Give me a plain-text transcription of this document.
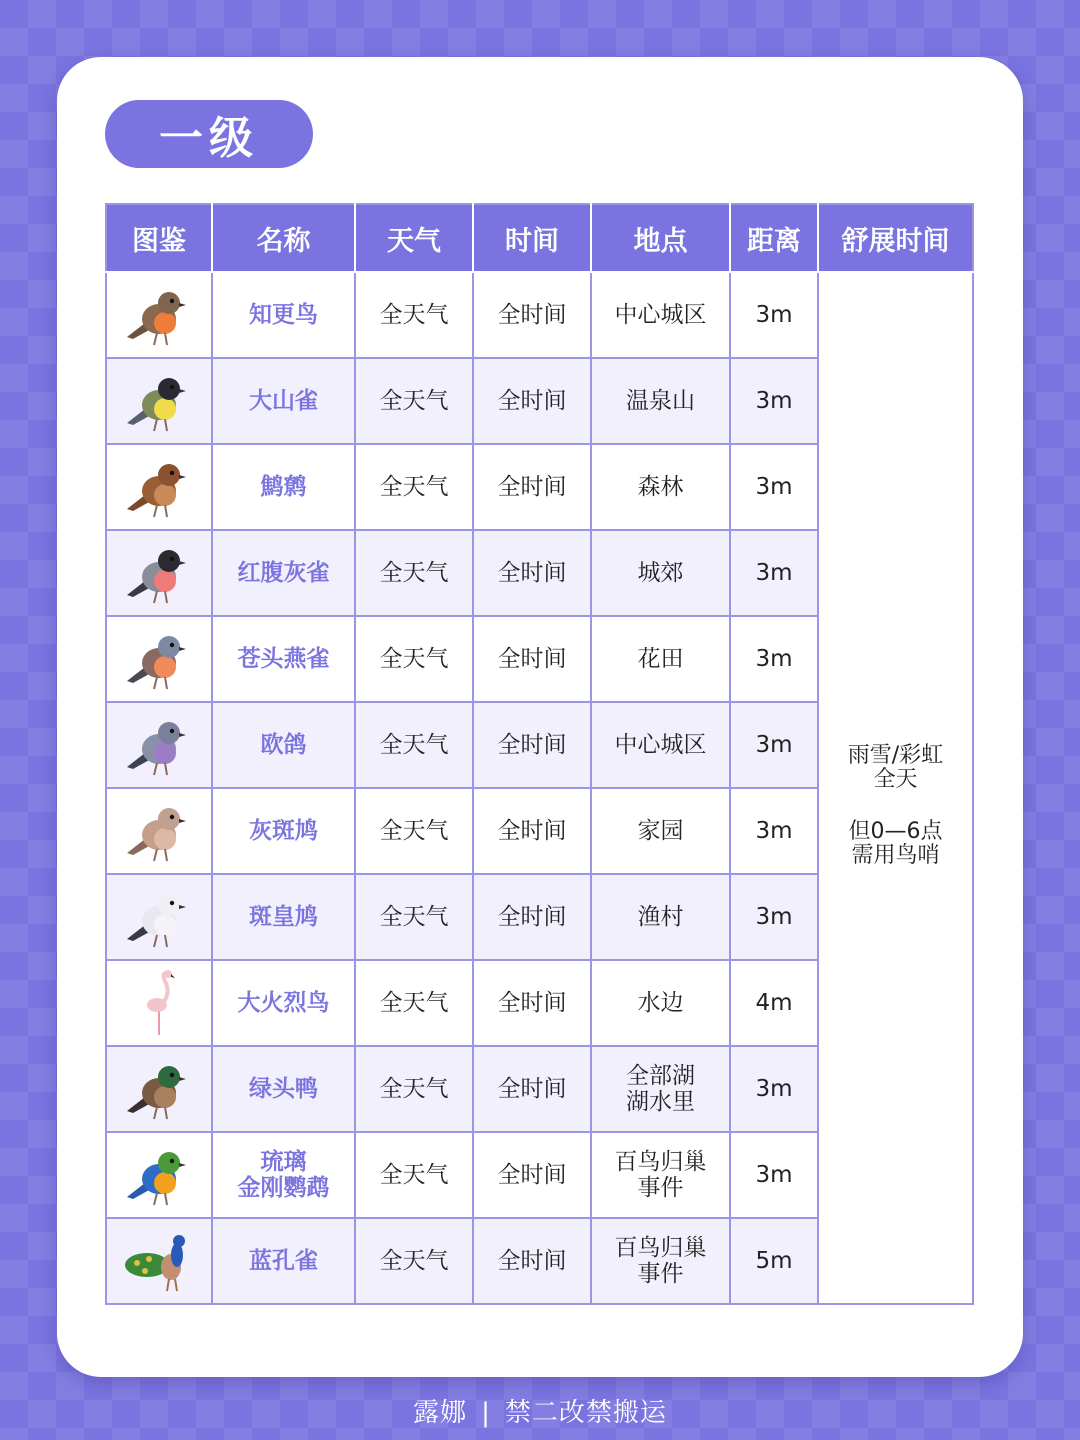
一级
图鉴	名称	天气	时间	地点	距离	舒展时间

知更鸟	全天气	全时间	中心城区	3m	雨雪/彩虹
全天
但0—6点
需用鸟哨

大山雀	全天气	全时间	温泉山	3m	

鹪鹩	全天气	全时间	森林	3m	

红腹灰雀	全天气	全时间	城郊	3m	

苍头燕雀	全天气	全时间	花田	3m	

欧鸽	全天气	全时间	中心城区	3m	

灰斑鸠	全天气	全时间	家园	3m	

斑皇鸠	全天气	全时间	渔村	3m	

大火烈鸟	全天气	全时间	水边	4m	

绿头鸭	全天气	全时间	全部湖
湖水里	3m	

琉璃
金刚鹦鹉	全天气	全时间	百鸟归巢
事件	3m	

蓝孔雀	全天气	全时间	百鸟归巢
事件	5m	
露娜 | 禁二改禁搬运
